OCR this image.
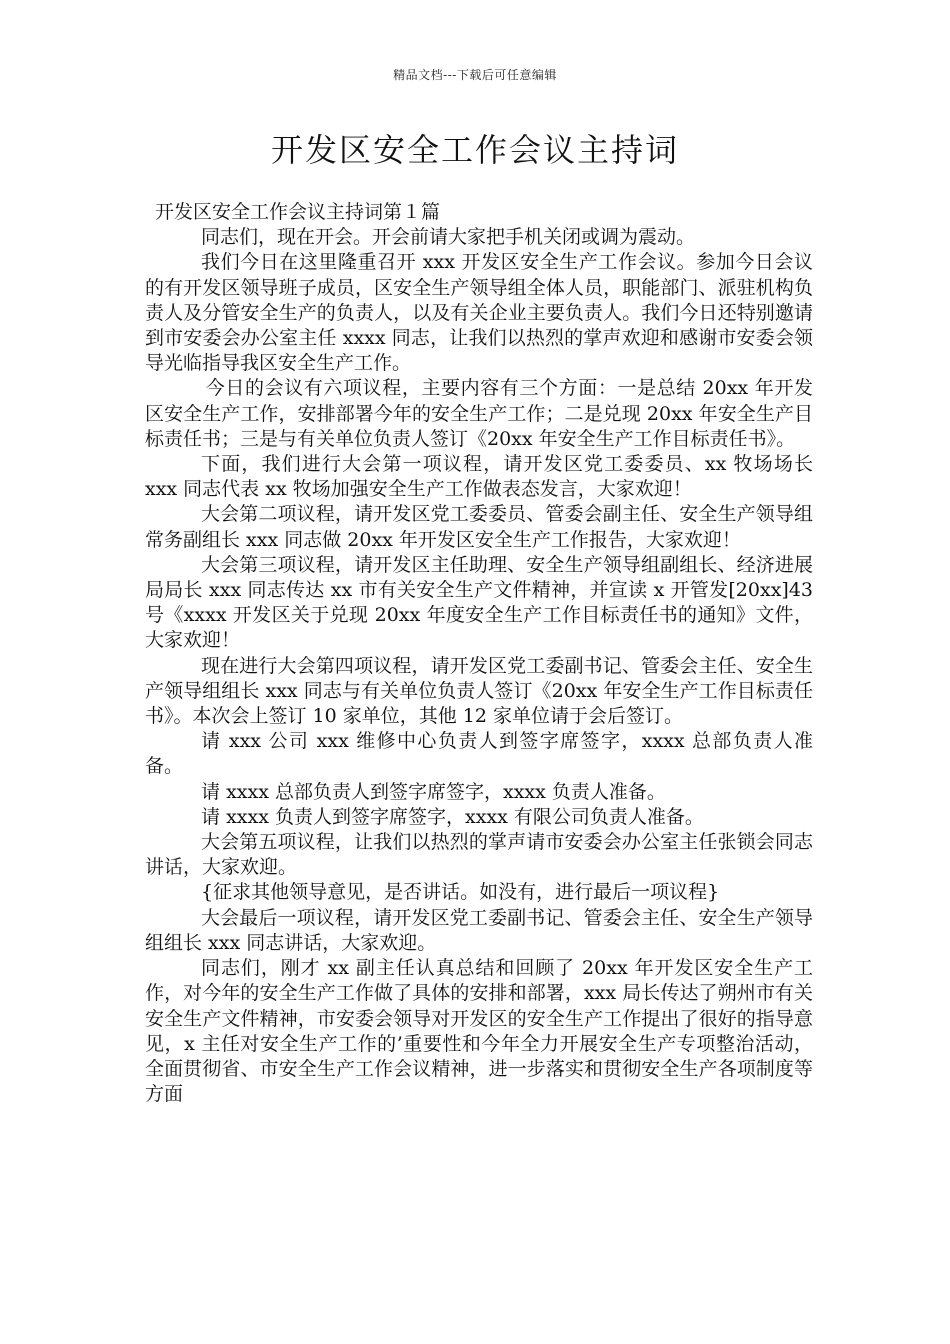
精品文档---下载后可任意编辑
开发区安全工作会议主持词

开发区安全工作会议主持词第１篇

同志们，现在开会。开会前请大家把手机关闭或调为震动。

我们今日在这里隆重召开 xxx 开发区安全生产工作会议。参加今日会议的有开发区领导班子成员，区安全生产领导组全体人员，职能部门、派驻机构负责人及分管安全生产的负责人，以及有关企业主要负责人。我们今日还特别邀请到市安委会办公室主任 xxxx 同志，让我们以热烈的掌声欢迎和感谢市安委会领导光临指导我区安全生产工作。

今日的会议有六项议程，主要内容有三个方面：一是总结 20xx 年开发区安全生产工作，安排部署今年的安全生产工作；二是兑现 20xx 年安全生产目标责任书；三是与有关单位负责人签订《20xx 年安全生产工作目标责任书》。

下面，我们进行大会第一项议程，请开发区党工委委员、xx 牧场场长 xxx 同志代表 xx 牧场加强安全生产工作做表态发言，大家欢迎！

大会第二项议程，请开发区党工委委员、管委会副主任、安全生产领导组常务副组长 xxx 同志做 20xx 年开发区安全生产工作报告，大家欢迎！

大会第三项议程，请开发区主任助理、安全生产领导组副组长、经济进展局局长 xxx 同志传达 xx 市有关安全生产文件精神，并宣读 x 开管发[20xx]43 号《xxxx 开发区关于兑现 20xx 年度安全生产工作目标责任书的通知》文件，大家欢迎！

现在进行大会第四项议程，请开发区党工委副书记、管委会主任、安全生产领导组组长 xxx 同志与有关单位负责人签订《20xx 年安全生产工作目标责任书》。本次会上签订 10 家单位，其他 12 家单位请于会后签订。

请 xxx 公司 xxx 维修中心负责人到签字席签字，xxxx 总部负责人准备。

请 xxxx 总部负责人到签字席签字，xxxx 负责人准备。

请 xxxx 负责人到签字席签字，xxxx 有限公司负责人准备。

大会第五项议程，让我们以热烈的掌声请市安委会办公室主任张锁会同志讲话，大家欢迎。

{征求其他领导意见，是否讲话。如没有，进行最后一项议程}

大会最后一项议程，请开发区党工委副书记、管委会主任、安全生产领导组组长 xxx 同志讲话，大家欢迎。

同志们，刚才 xx 副主任认真总结和回顾了 20xx 年开发区安全生产工作，对今年的安全生产工作做了具体的安排和部署，xxx 局长传达了朔州市有关安全生产文件精神，市安委会领导对开发区的安全生产工作提出了很好的指导意见，x 主任对安全生产工作的’重要性和今年全力开展安全生产专项整治活动，全面贯彻省、市安全生产工作会议精神，进一步落实和贯彻安全生产各项制度等方面
